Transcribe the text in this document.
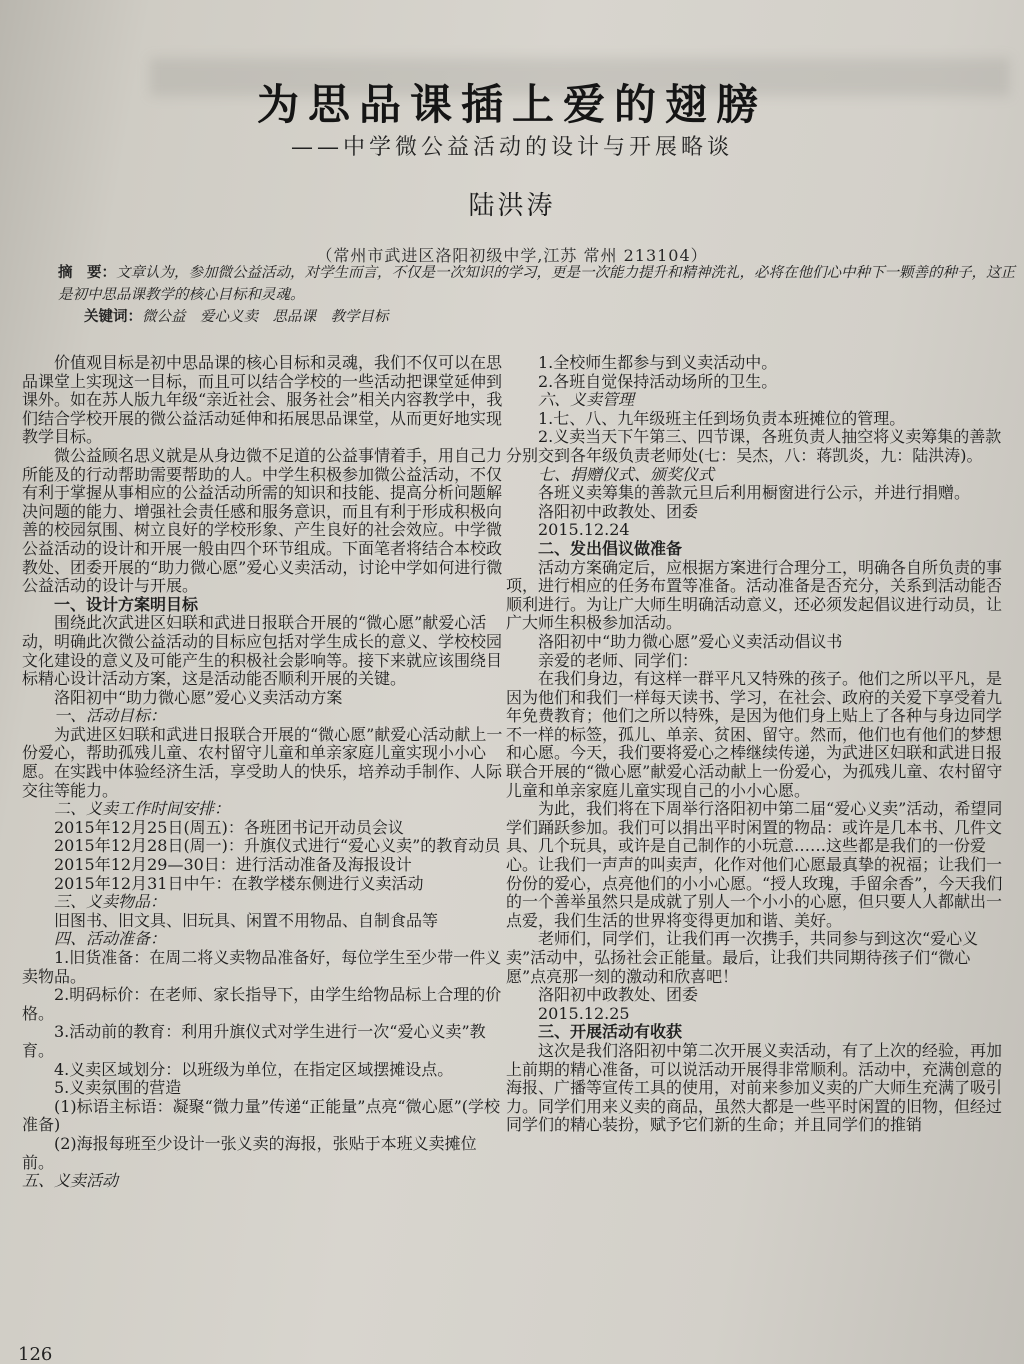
为思品课插上爱的翅膀

——中学微公益活动的设计与开展略谈

陆洪涛

（常州市武进区洛阳初级中学,江苏 常州 213104）

摘　要：文章认为，参加微公益活动，对学生而言，不仅是一次知识的学习，更是一次能力提升和精神洗礼，必将在他们心中种下一颗善的种子，这正是初中思品课教学的核心目标和灵魂。

关键词：微公益　爱心义卖　思品课　教学目标

价值观目标是初中思品课的核心目标和灵魂，我们不仅可以在思品课堂上实现这一目标，而且可以结合学校的一些活动把课堂延伸到课外。如在苏人版九年级“亲近社会、服务社会”相关内容教学中，我们结合学校开展的微公益活动延伸和拓展思品课堂，从而更好地实现教学目标。

微公益顾名思义就是从身边微不足道的公益事情着手，用自己力所能及的行动帮助需要帮助的人。中学生积极参加微公益活动，不仅有利于掌握从事相应的公益活动所需的知识和技能、提高分析问题解决问题的能力、增强社会责任感和服务意识，而且有利于形成积极向善的校园氛围、树立良好的学校形象、产生良好的社会效应。中学微公益活动的设计和开展一般由四个环节组成。下面笔者将结合本校政教处、团委开展的“助力微心愿”爱心义卖活动，讨论中学如何进行微公益活动的设计与开展。

一、设计方案明目标

围绕此次武进区妇联和武进日报联合开展的“微心愿”献爱心活动，明确此次微公益活动的目标应包括对学生成长的意义、学校校园文化建设的意义及可能产生的积极社会影响等。接下来就应该围绕目标精心设计活动方案，这是活动能否顺利开展的关键。

洛阳初中“助力微心愿”爱心义卖活动方案

一、活动目标：

为武进区妇联和武进日报联合开展的“微心愿”献爱心活动献上一份爱心，帮助孤残儿童、农村留守儿童和单亲家庭儿童实现小小心愿。在实践中体验经济生活，享受助人的快乐，培养动手制作、人际交往等能力。

二、义卖工作时间安排：

2015年12月25日(周五)：各班团书记开动员会议

2015年12月28日(周一)：升旗仪式进行“爱心义卖”的教育动员

2015年12月29—30日：进行活动准备及海报设计

2015年12月31日中午：在教学楼东侧进行义卖活动

三、义卖物品：

旧图书、旧文具、旧玩具、闲置不用物品、自制食品等

四、活动准备：

1.旧货准备：在周二将义卖物品准备好，每位学生至少带一件义卖物品。

2.明码标价：在老师、家长指导下，由学生给物品标上合理的价格。

3.活动前的教育：利用升旗仪式对学生进行一次“爱心义卖”教育。

4.义卖区域划分：以班级为单位，在指定区域摆摊设点。

5.义卖氛围的营造

(1)标语主标语：凝聚“微力量”传递“正能量”点亮“微心愿”(学校准备)

(2)海报每班至少设计一张义卖的海报，张贴于本班义卖摊位前。

五、义卖活动

1.全校师生都参与到义卖活动中。

2.各班自觉保持活动场所的卫生。

六、义卖管理

1.七、八、九年级班主任到场负责本班摊位的管理。

2.义卖当天下午第三、四节课，各班负责人抽空将义卖筹集的善款分别交到各年级负责老师处(七：吴杰，八：蒋凯炎，九：陆洪涛)。

七、捐赠仪式、颁奖仪式

各班义卖筹集的善款元旦后利用橱窗进行公示，并进行捐赠。

洛阳初中政教处、团委

2015.12.24

二、发出倡议做准备

活动方案确定后，应根据方案进行合理分工，明确各自所负责的事项，进行相应的任务布置等准备。活动准备是否充分，关系到活动能否顺利进行。为让广大师生明确活动意义，还必须发起倡议进行动员，让广大师生积极参加活动。

洛阳初中“助力微心愿”爱心义卖活动倡议书

亲爱的老师、同学们：

在我们身边，有这样一群平凡又特殊的孩子。他们之所以平凡，是因为他们和我们一样每天读书、学习，在社会、政府的关爱下享受着九年免费教育；他们之所以特殊，是因为他们身上贴上了各种与身边同学不一样的标签，孤儿、单亲、贫困、留守。然而，他们也有他们的梦想和心愿。今天，我们要将爱心之棒继续传递，为武进区妇联和武进日报联合开展的“微心愿”献爱心活动献上一份爱心，为孤残儿童、农村留守儿童和单亲家庭儿童实现自己的小小心愿。

为此，我们将在下周举行洛阳初中第二届“爱心义卖”活动，希望同学们踊跃参加。我们可以捐出平时闲置的物品：或许是几本书、几件文具、几个玩具，或许是自己制作的小玩意……这些都是我们的一份爱心。让我们一声声的叫卖声，化作对他们心愿最真挚的祝福；让我们一份份的爱心，点亮他们的小小心愿。“授人玫瑰，手留余香”，今天我们的一个善举虽然只是成就了别人一个小小的心愿，但只要人人都献出一点爱，我们生活的世界将变得更加和谐、美好。

老师们，同学们，让我们再一次携手，共同参与到这次“爱心义卖”活动中，弘扬社会正能量。最后，让我们共同期待孩子们“微心愿”点亮那一刻的激动和欣喜吧！

洛阳初中政教处、团委

2015.12.25

三、开展活动有收获

这次是我们洛阳初中第二次开展义卖活动，有了上次的经验，再加上前期的精心准备，可以说活动开展得非常顺利。活动中，充满创意的海报、广播等宣传工具的使用，对前来参加义卖的广大师生充满了吸引力。同学们用来义卖的商品，虽然大都是一些平时闲置的旧物，但经过同学们的精心装扮，赋予它们新的生命；并且同学们的推销

126
